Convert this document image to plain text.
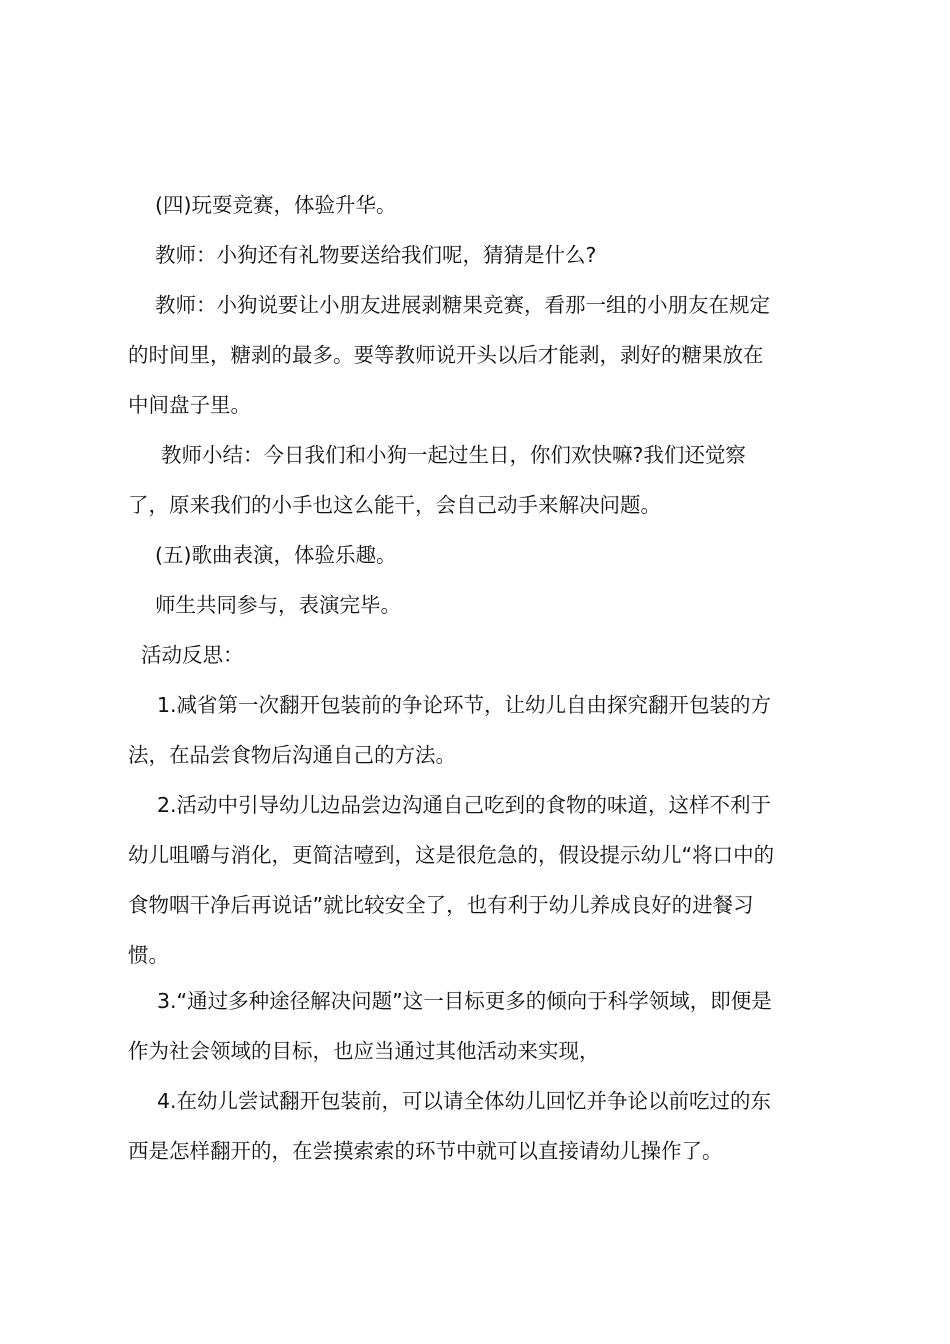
(四)玩耍竞赛，体验升华。

教师：小狗还有礼物要送给我们呢，猜猜是什么?

教师：小狗说要让小朋友进展剥糖果竞赛，看那一组的小朋友在规定
的时间里，糖剥的最多。要等教师说开头以后才能剥，剥好的糖果放在
中间盘子里。

教师小结：今日我们和小狗一起过生日，你们欢快嘛?我们还觉察
了，原来我们的小手也这么能干，会自己动手来解决问题。

(五)歌曲表演，体验乐趣。

师生共同参与，表演完毕。

活动反思：

1.减省第一次翻开包装前的争论环节，让幼儿自由探究翻开包装的方
法，在品尝食物后沟通自己的方法。

2.活动中引导幼儿边品尝边沟通自己吃到的食物的味道，这样不利于
幼儿咀嚼与消化，更简洁噎到，这是很危急的，假设提示幼儿“将口中的
食物咽干净后再说话”就比较安全了，也有利于幼儿养成良好的进餐习
惯。

3.“通过多种途径解决问题”这一目标更多的倾向于科学领域，即便是
作为社会领域的目标，也应当通过其他活动来实现，

4.在幼儿尝试翻开包装前，可以请全体幼儿回忆并争论以前吃过的东
西是怎样翻开的，在尝摸索索的环节中就可以直接请幼儿操作了。
